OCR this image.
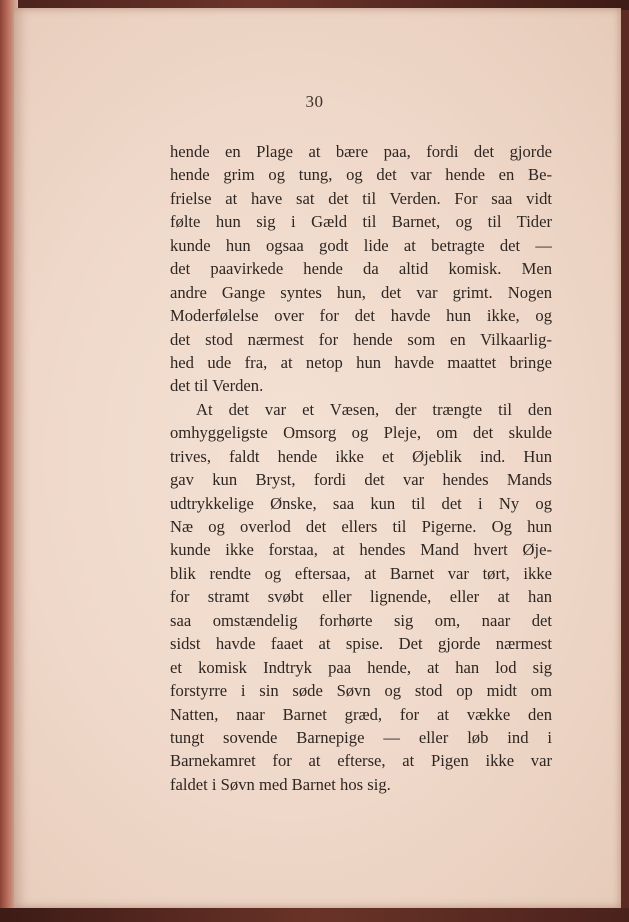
30
hende en Plage at bære paa, fordi det gjorde
hende grim og tung, og det var hende en Be-
frielse at have sat det til Verden. For saa vidt
følte hun sig i Gæld til Barnet, og til Tider
kunde hun ogsaa godt lide at betragte det —
det paavirkede hende da altid komisk. Men
andre Gange syntes hun, det var grimt. Nogen
Moderfølelse over for det havde hun ikke, og
det stod nærmest for hende som en Vilkaarlig-
hed ude fra, at netop hun havde maattet bringe
det til Verden.
At det var et Væsen, der trængte til den
omhyggeligste Omsorg og Pleje, om det skulde
trives, faldt hende ikke et Øjeblik ind. Hun
gav kun Bryst, fordi det var hendes Mands
udtrykkelige Ønske, saa kun til det i Ny og
Næ og overlod det ellers til Pigerne. Og hun
kunde ikke forstaa, at hendes Mand hvert Øje-
blik rendte og eftersaa, at Barnet var tørt, ikke
for stramt svøbt eller lignende, eller at han
saa omstændelig forhørte sig om, naar det
sidst havde faaet at spise. Det gjorde nærmest
et komisk Indtryk paa hende, at han lod sig
forstyrre i sin søde Søvn og stod op midt om
Natten, naar Barnet græd, for at vække den
tungt sovende Barnepige — eller løb ind i
Barnekamret for at efterse, at Pigen ikke var
faldet i Søvn med Barnet hos sig.
